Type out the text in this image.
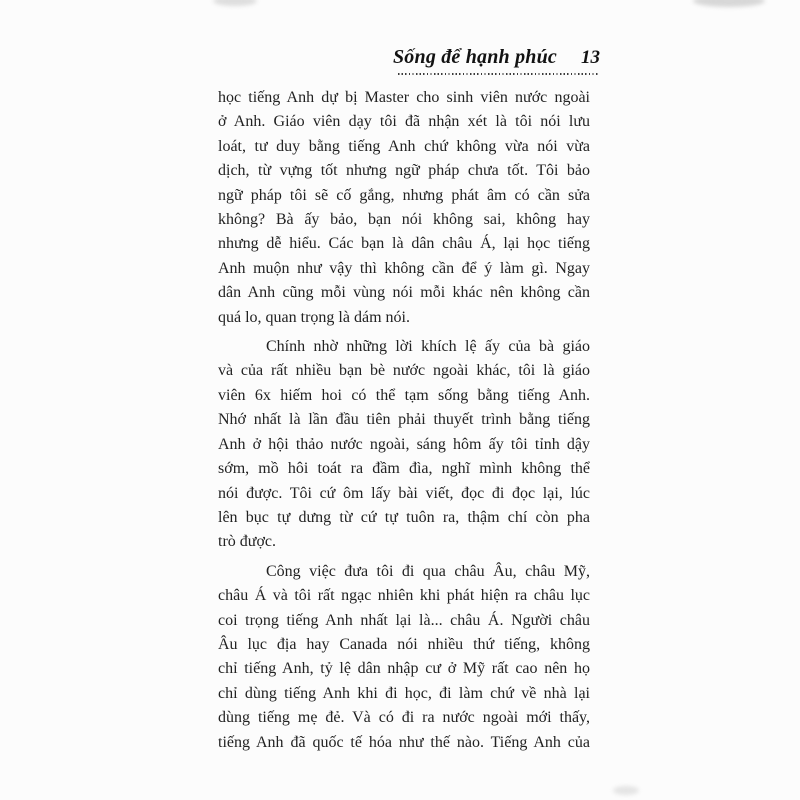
Sống để hạnh phúc 13
học tiếng Anh dự bị Master cho sinh viên nước ngoài
ở Anh. Giáo viên dạy tôi đã nhận xét là tôi nói lưu
loát, tư duy bằng tiếng Anh chứ không vừa nói vừa
dịch, từ vựng tốt nhưng ngữ pháp chưa tốt. Tôi bảo
ngữ pháp tôi sẽ cố gắng, nhưng phát âm có cần sửa
không? Bà ấy bảo, bạn nói không sai, không hay
nhưng dễ hiểu. Các bạn là dân châu Á, lại học tiếng
Anh muộn như vậy thì không cần để ý làm gì. Ngay
dân Anh cũng mỗi vùng nói mỗi khác nên không cần
quá lo, quan trọng là dám nói.
Chính nhờ những lời khích lệ ấy của bà giáo
và của rất nhiều bạn bè nước ngoài khác, tôi là giáo
viên 6x hiếm hoi có thể tạm sống bằng tiếng Anh.
Nhớ nhất là lần đầu tiên phải thuyết trình bằng tiếng
Anh ở hội thảo nước ngoài, sáng hôm ấy tôi tỉnh dậy
sớm, mồ hôi toát ra đầm đìa, nghĩ mình không thể
nói được. Tôi cứ ôm lấy bài viết, đọc đi đọc lại, lúc
lên bục tự dưng từ cứ tự tuôn ra, thậm chí còn pha
trò được.
Công việc đưa tôi đi qua châu Âu, châu Mỹ,
châu Á và tôi rất ngạc nhiên khi phát hiện ra châu lục
coi trọng tiếng Anh nhất lại là... châu Á. Người châu
Âu lục địa hay Canada nói nhiều thứ tiếng, không
chỉ tiếng Anh, tỷ lệ dân nhập cư ở Mỹ rất cao nên họ
chỉ dùng tiếng Anh khi đi học, đi làm chứ về nhà lại
dùng tiếng mẹ đẻ. Và có đi ra nước ngoài mới thấy,
tiếng Anh đã quốc tế hóa như thế nào. Tiếng Anh của
